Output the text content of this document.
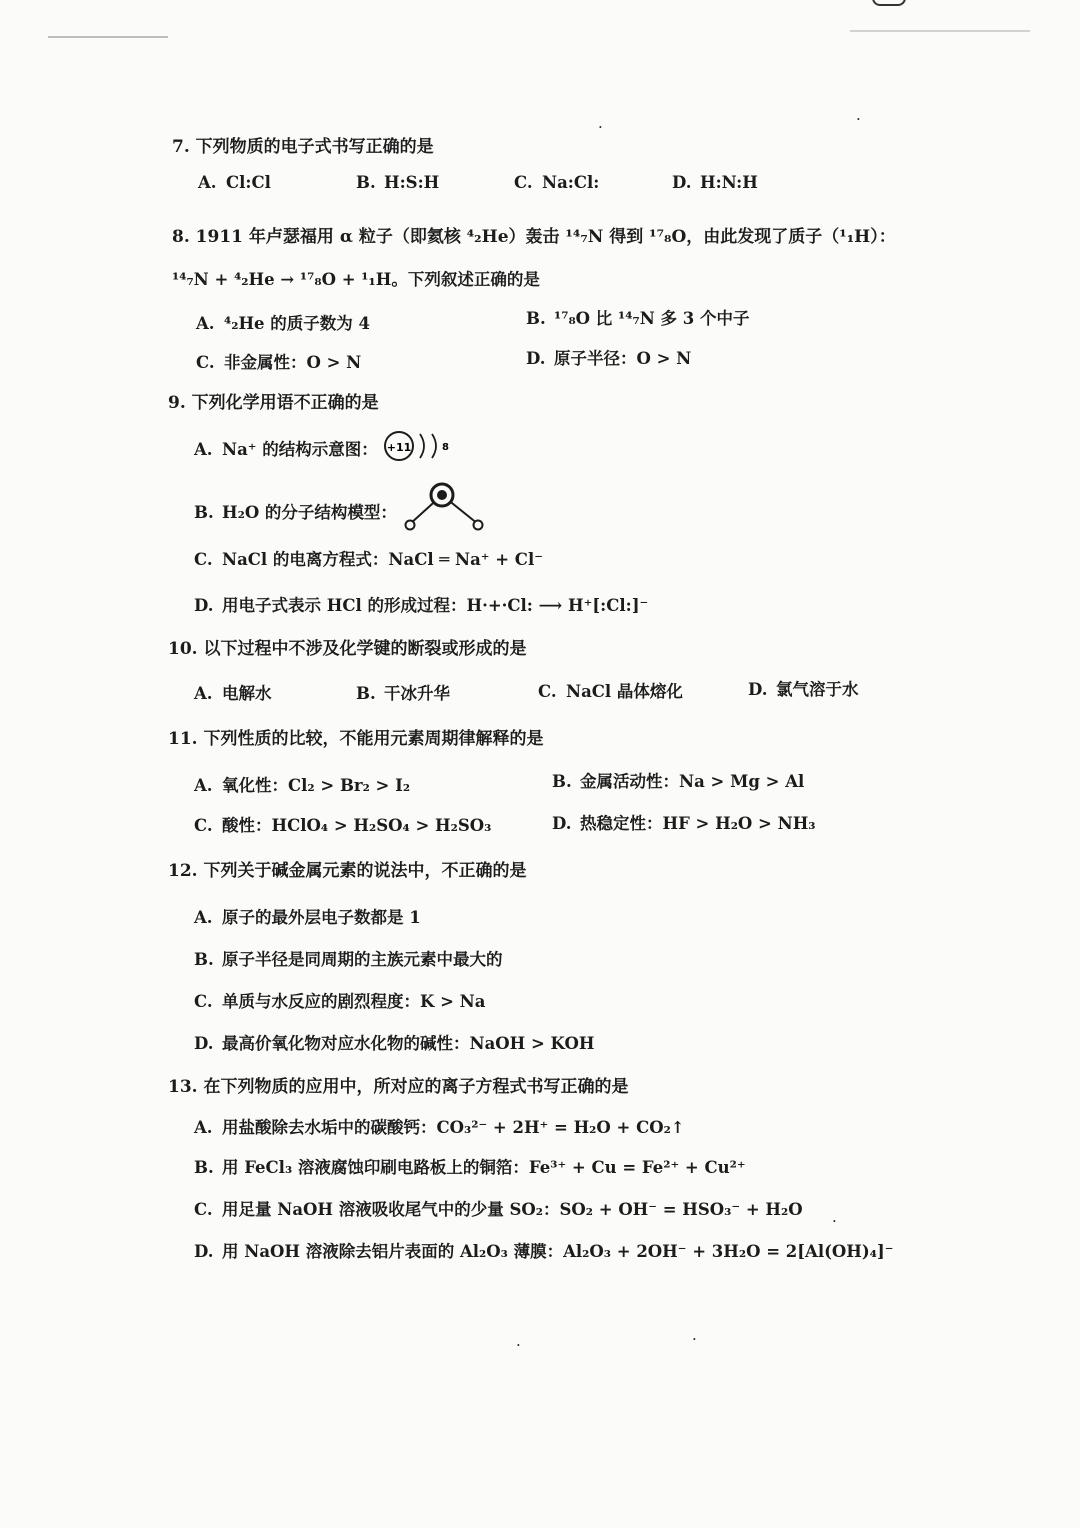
7. 下列物质的电子式书写正确的是
A. Cl:Cl	B. H:S:H	C. Na:Cl:	D. H:N:H
8. 1911 年卢瑟福用 α 粒子（即氦核 ⁴₂He）轰击 ¹⁴₇N 得到 ¹⁷₈O，由此发现了质子（¹₁H）：
¹⁴₇N + ⁴₂He → ¹⁷₈O + ¹₁H。下列叙述正确的是
A. ⁴₂He 的质子数为 4	B. ¹⁷₈O 比 ¹⁴₇N 多 3 个中子
C. 非金属性：O > N	D. 原子半径：O > N
9. 下列化学用语不正确的是
A. Na⁺ 的结构示意图： +11	8
B. H₂O 的分子结构模型：
C. NaCl 的电离方程式：NaCl ═ Na⁺ + Cl⁻
D. 用电子式表示 HCl 的形成过程：H·+·Cl: ⟶ H⁺[:Cl:]⁻
10. 以下过程中不涉及化学键的断裂或形成的是
A. 电解水	B. 干冰升华	C. NaCl 晶体熔化	D. 氯气溶于水
11. 下列性质的比较，不能用元素周期律解释的是
A. 氧化性：Cl₂ > Br₂ > I₂	B. 金属活动性：Na > Mg > Al
C. 酸性：HClO₄ > H₂SO₄ > H₂SO₃	D. 热稳定性：HF > H₂O > NH₃
12. 下列关于碱金属元素的说法中，不正确的是
A. 原子的最外层电子数都是 1
B. 原子半径是同周期的主族元素中最大的
C. 单质与水反应的剧烈程度：K > Na
D. 最高价氧化物对应水化物的碱性：NaOH > KOH
13. 在下列物质的应用中，所对应的离子方程式书写正确的是
A. 用盐酸除去水垢中的碳酸钙：CO₃²⁻ + 2H⁺ = H₂O + CO₂↑
B. 用 FeCl₃ 溶液腐蚀印刷电路板上的铜箔：Fe³⁺ + Cu = Fe²⁺ + Cu²⁺
C. 用足量 NaOH 溶液吸收尾气中的少量 SO₂：SO₂ + OH⁻ = HSO₃⁻ + H₂O
D. 用 NaOH 溶液除去铝片表面的 Al₂O₃ 薄膜：Al₂O₃ + 2OH⁻ + 3H₂O = 2[Al(OH)₄]⁻
·	·
·	·
·
